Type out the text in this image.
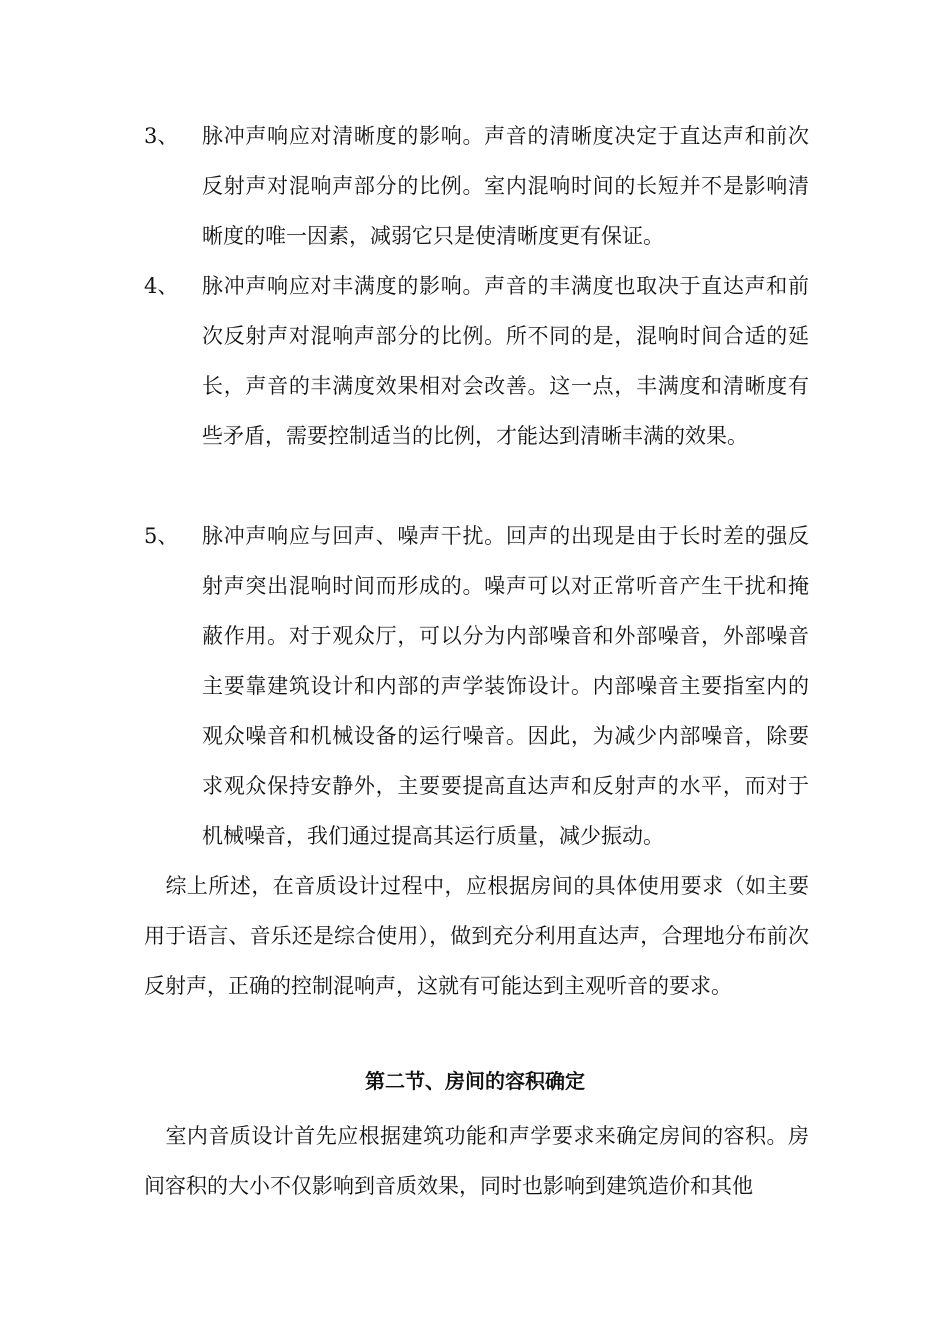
3、 脉冲声响应对清晰度的影响。声音的清晰度决定于直达声和前次反射声对混响声部分的比例。室内混响时间的长短并不是影响清晰度的唯一因素，减弱它只是使清晰度更有保证。
4、 脉冲声响应对丰满度的影响。声音的丰满度也取决于直达声和前次反射声对混响声部分的比例。所不同的是，混响时间合适的延长，声音的丰满度效果相对会改善。这一点，丰满度和清晰度有些矛盾，需要控制适当的比例，才能达到清晰丰满的效果。
5、 脉冲声响应与回声、噪声干扰。回声的出现是由于长时差的强反射声突出混响时间而形成的。噪声可以对正常听音产生干扰和掩蔽作用。对于观众厅，可以分为内部噪音和外部噪音，外部噪音主要靠建筑设计和内部的声学装饰设计。内部噪音主要指室内的观众噪音和机械设备的运行噪音。因此，为减少内部噪音，除要求观众保持安静外，主要要提高直达声和反射声的水平，而对于机械噪音，我们通过提高其运行质量，减少振动。
　综上所述，在音质设计过程中，应根据房间的具体使用要求（如主要用于语言、音乐还是综合使用），做到充分利用直达声，合理地分布前次反射声，正确的控制混响声，这就有可能达到主观听音的要求。
第二节、房间的容积确定
　室内音质设计首先应根据建筑功能和声学要求来确定房间的容积。房间容积的大小不仅影响到音质效果，同时也影响到建筑造价和其他
